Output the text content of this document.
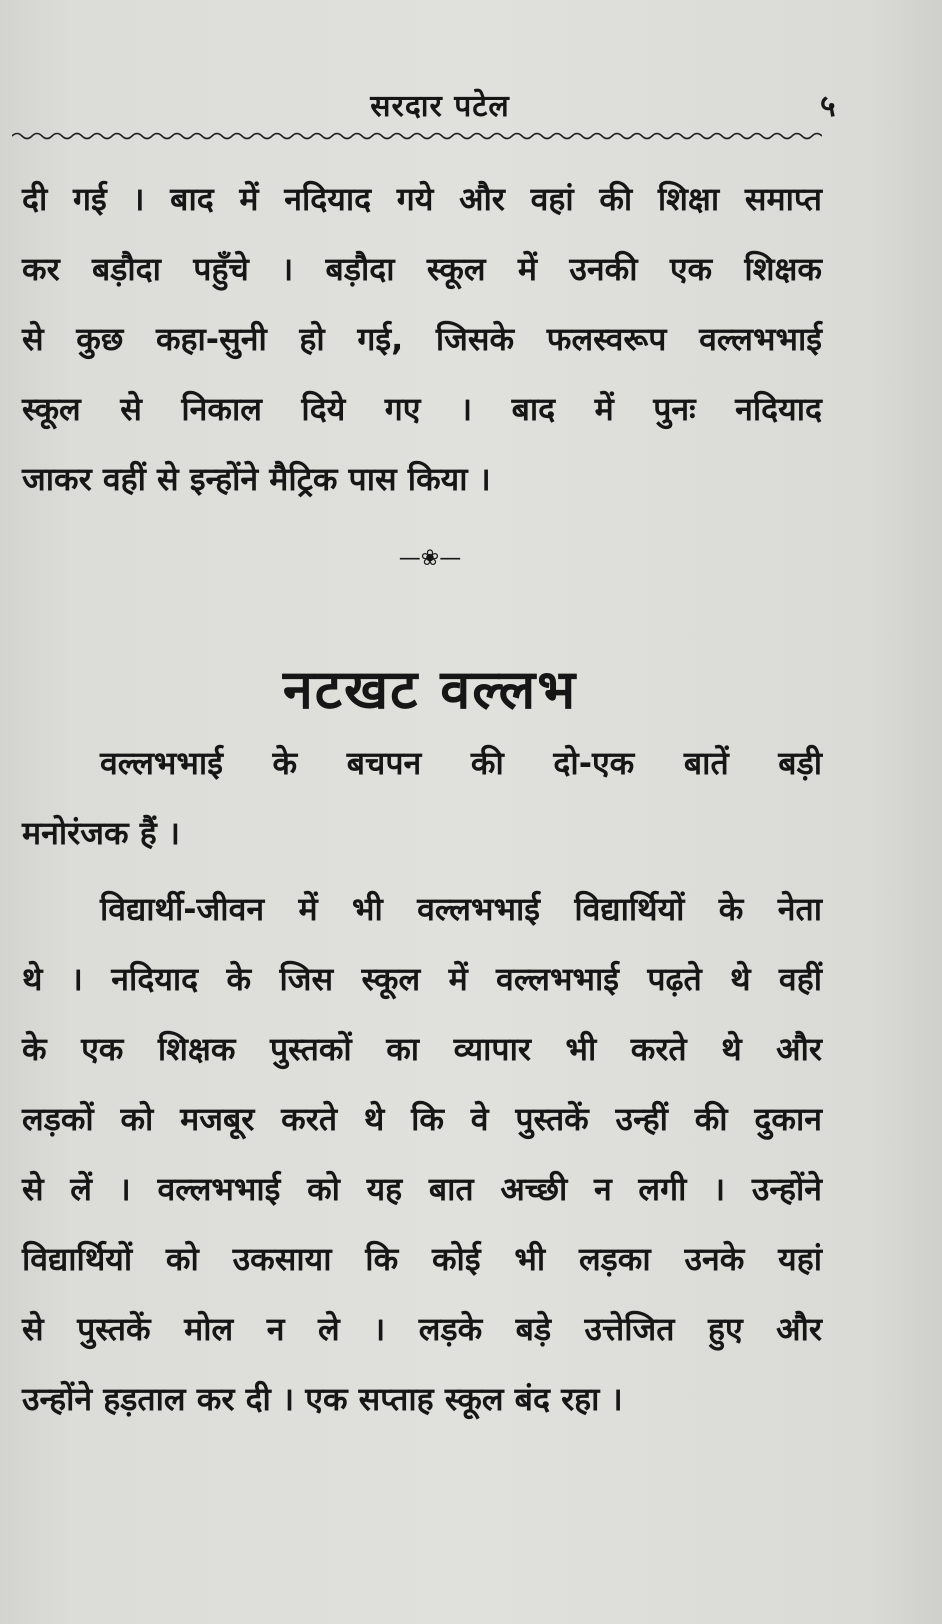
सरदार पटेल	५
दी गई । बाद में नदियाद गये और वहां की शिक्षा समाप्त
कर बड़ौदा पहुँचे । बड़ौदा स्कूल में उनकी एक शिक्षक
से कुछ कहा-सुनी हो गई, जिसके फलस्वरूप वल्लभभाई
स्कूल से निकाल दिये गए । बाद में पुनः नदियाद
जाकर वहीं से इन्होंने मैट्रिक पास किया ।
—❀—
नटखट वल्लभ
वल्लभभाई के बचपन की दो-एक बातें बड़ी
मनोरंजक हैं ।
विद्यार्थी-जीवन में भी वल्लभभाई विद्यार्थियों के नेता
थे । नदियाद के जिस स्कूल में वल्लभभाई पढ़ते थे वहीं
के एक शिक्षक पुस्तकों का व्यापार भी करते थे और
लड़कों को मजबूर करते थे कि वे पुस्तकें उन्हीं की दुकान
से लें । वल्लभभाई को यह बात अच्छी न लगी । उन्होंने
विद्यार्थियों को उकसाया कि कोई भी लड़का उनके यहां
से पुस्तकें मोल न ले । लड़के बड़े उत्तेजित हुए और
उन्होंने हड़ताल कर दी । एक सप्ताह स्कूल बंद रहा ।
